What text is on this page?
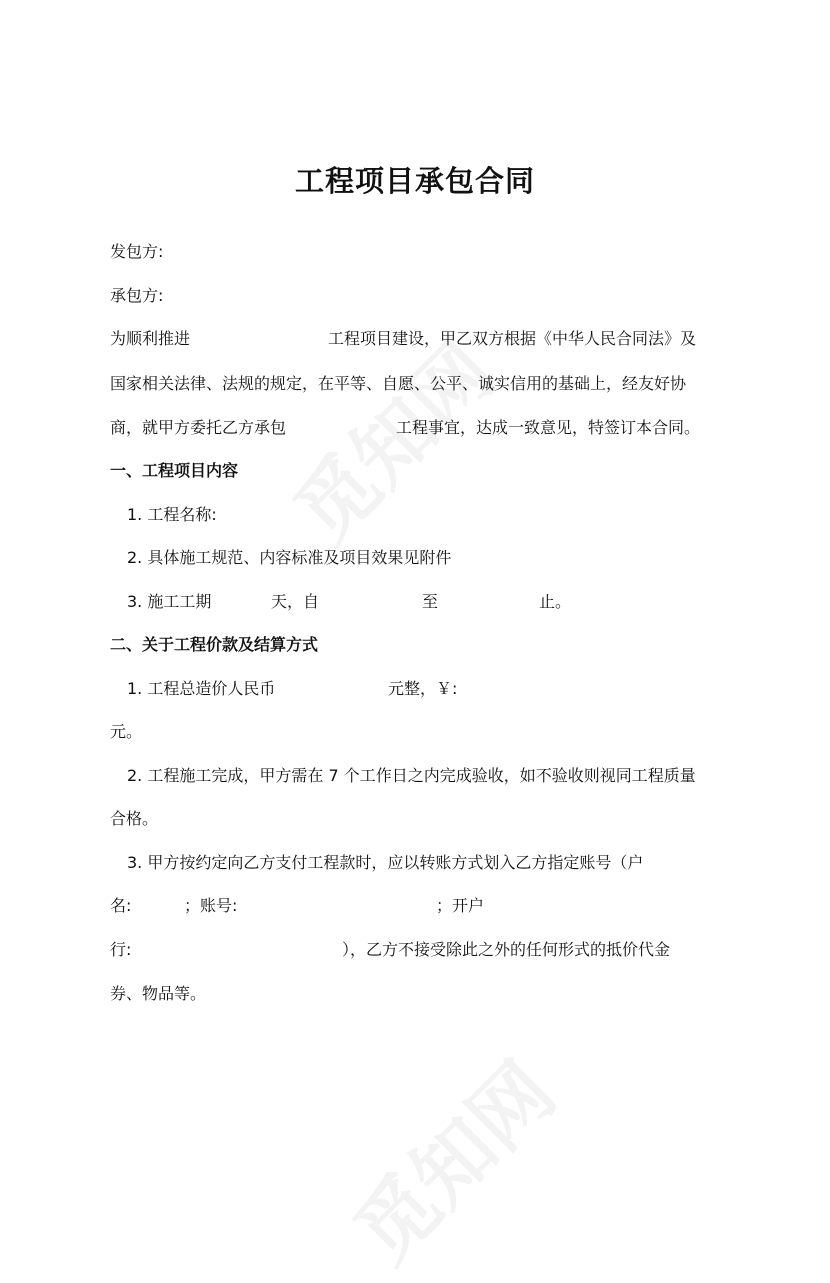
工程项目承包合同
发包方:
承包方:
为顺利推进	工程项目建设，甲乙双方根据《中华人民合同法》及
国家相关法律、法规的规定，在平等、自愿、公平、诚实信用的基础上，经友好协
商，就甲方委托乙方承包	工程事宜，达成一致意见，特签订本合同。
一、工程项目内容
1. 工程名称:
2. 具体施工规范、内容标准及项目效果见附件
3. 施工工期	天，自	至	止。
二、关于工程价款及结算方式
1. 工程总造价人民币	元整，￥:
元。
2. 工程施工完成，甲方需在 7 个工作日之内完成验收，如不验收则视同工程质量
合格。
3. 甲方按约定向乙方支付工程款时，应以转账方式划入乙方指定账号（户
名:	；账号:	；开户
行:	），乙方不接受除此之外的任何形式的抵价代金
券、物品等。
